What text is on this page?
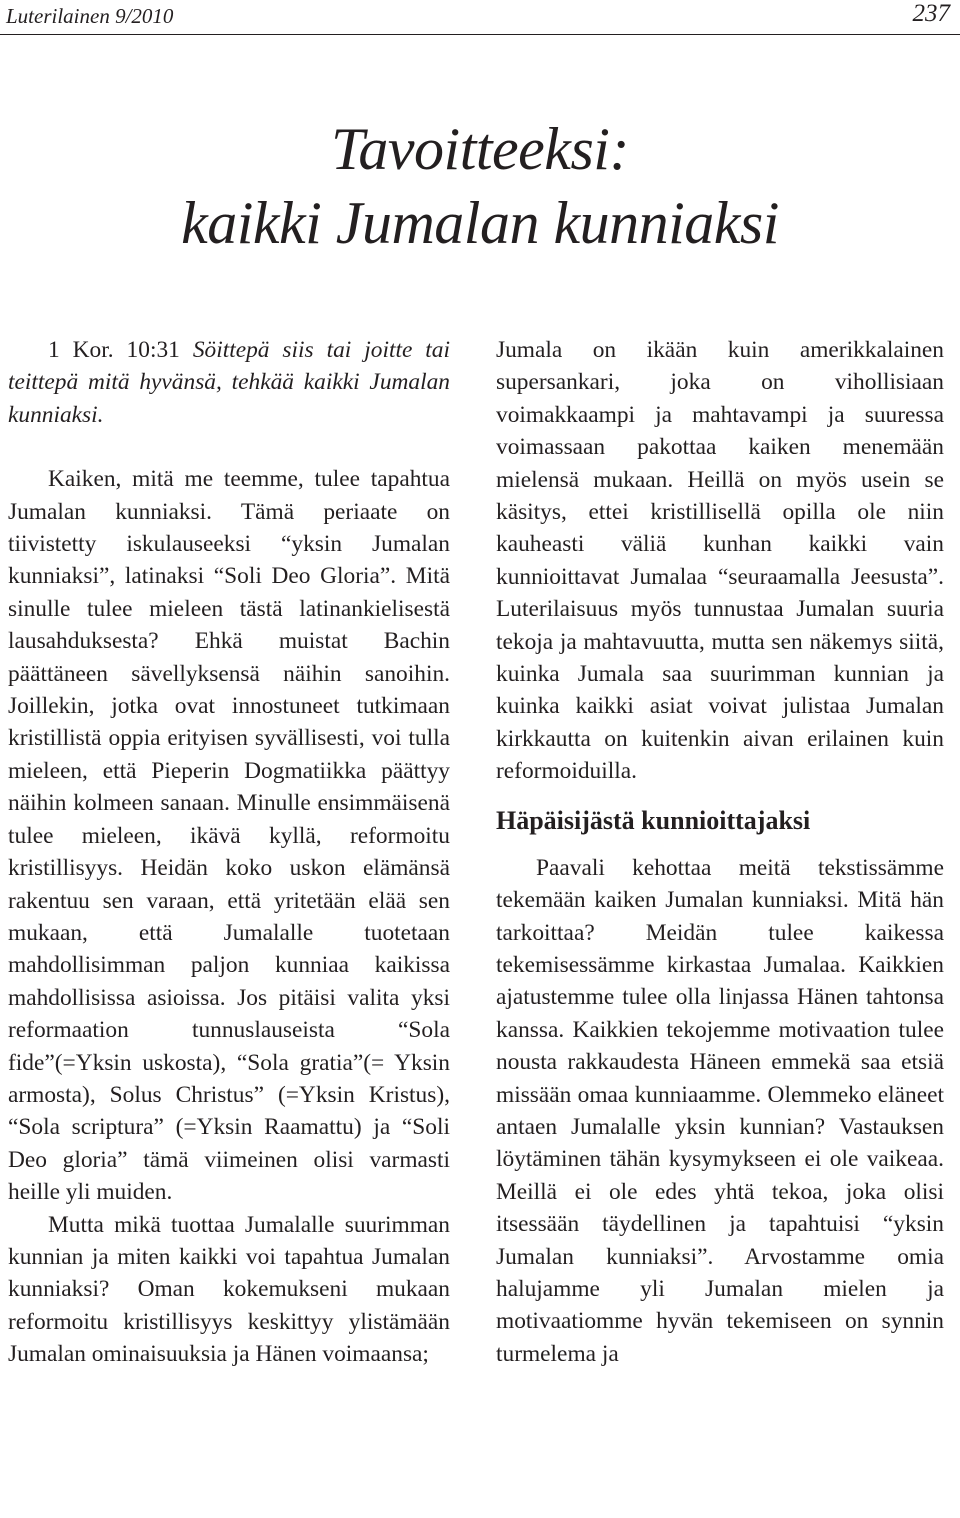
Luterilainen 9/2010	237
Tavoitteeksi:
kaikki Jumalan kunniaksi

1 Kor. 10:31 Söittepä siis tai joitte tai teittepä mitä hyvänsä, tehkää kaikki Jumalan kunniaksi.

Kaiken, mitä me teemme, tulee tapahtua Jumalan kunniaksi. Tämä periaate on tiivistetty iskulauseeksi “yksin Jumalan kunniaksi”, latinaksi “Soli Deo Gloria”. Mitä sinulle tulee mieleen tästä latinankielisestä lausahduksesta? Ehkä muistat Bachin päättäneen sävellyksensä näihin sanoihin. Joillekin, jotka ovat innostuneet tutkimaan kristillistä oppia erityisen syvällisesti, voi tulla mieleen, että Pieperin Dogmatiikka päättyy näihin kolmeen sanaan. Minulle ensimmäisenä tulee mieleen, ikävä kyllä, reformoitu kristillisyys. Heidän koko uskon elämänsä rakentuu sen varaan, että yritetään elää sen mukaan, että Jumalalle tuotetaan mahdollisimman paljon kunniaa kaikissa mahdollisissa asioissa. Jos pitäisi valita yksi reformaation tunnuslauseista “Sola fide”(=Yksin uskosta), “Sola gratia”(= Yksin armosta), Solus Christus” (=Yksin Kristus), “Sola scriptura” (=Yksin Raamattu) ja “Soli Deo gloria” tämä viimeinen olisi varmasti heille yli muiden.

Mutta mikä tuottaa Jumalalle suurimman kunnian ja miten kaikki voi tapahtua Jumalan kunniaksi? Oman kokemukseni mukaan reformoitu kristillisyys keskittyy ylistämään Jumalan ominaisuuksia ja Hänen voimaansa;

Jumala on ikään kuin amerikkalainen supersankari, joka on vihollisiaan voimakkaampi ja mahtavampi ja suuressa voimassaan pakottaa kaiken menemään mielensä mukaan. Heillä on myös usein se käsitys, ettei kristillisellä opilla ole niin kauheasti väliä kunhan kaikki vain kunnioittavat Jumalaa “seuraamalla Jeesusta”. Luterilaisuus myös tunnustaa Jumalan suuria tekoja ja mahtavuutta, mutta sen näkemys siitä, kuinka Jumala saa suurimman kunnian ja kuinka kaikki asiat voivat julistaa Jumalan kirkkautta on kuitenkin aivan erilainen kuin reformoiduilla.

Häpäisijästä kunnioittajaksi

Paavali kehottaa meitä tekstissämme tekemään kaiken Jumalan kunniaksi. Mitä hän tarkoittaa? Meidän tulee kaikessa tekemisessämme kirkastaa Jumalaa. Kaikkien ajatustemme tulee olla linjassa Hänen tahtonsa kanssa. Kaikkien tekojemme motivaation tulee nousta rakkaudesta Häneen emmekä saa etsiä missään omaa kunniaamme. Olemmeko eläneet antaen Jumalalle yksin kunnian? Vastauksen löytäminen tähän kysymykseen ei ole vaikeaa. Meillä ei ole edes yhtä tekoa, joka olisi itsessään täydellinen ja tapahtuisi “yksin Jumalan kunniaksi”. Arvostamme omia halujamme yli Jumalan mielen ja motivaatiomme hyvän tekemiseen on synnin turmelema ja
